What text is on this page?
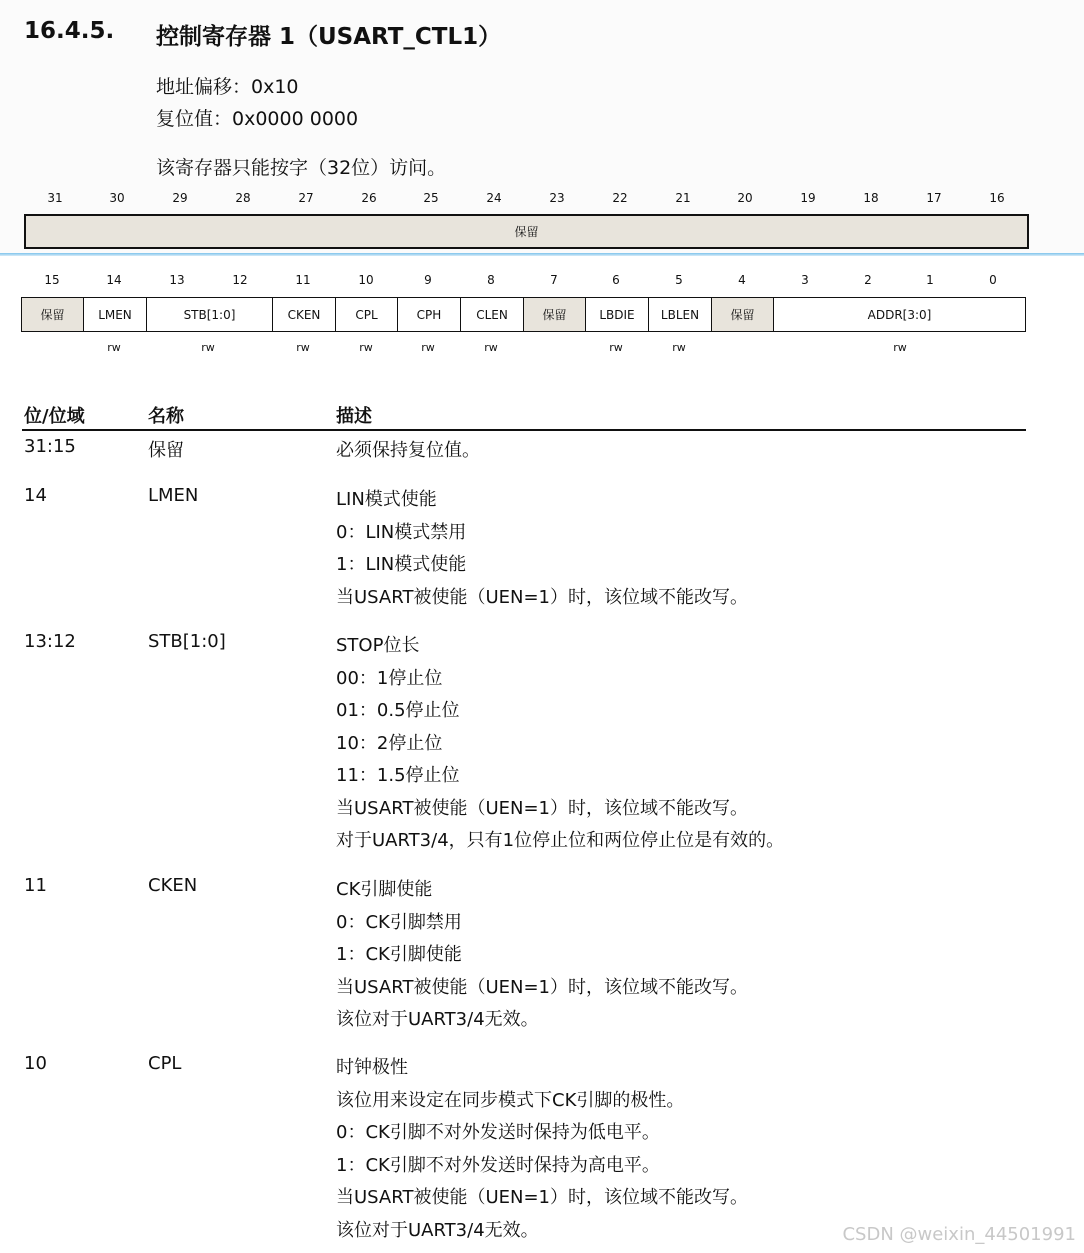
16.4.5. 控制寄存器 1（USART_CTL1）
地址偏移：0x10
复位值：0x0000 0000
该寄存器只能按字（32位）访问。
31	30	29	28	27	26	25	24	23	22	21	20	19	18	17	16
保留
15	14	13	12	11	10	9	8	7	6	5	4	3	2	1	0
保留	LMEN	STB[1:0]	CKEN	CPL	CPH	CLEN	保留	LBDIE	LBLEN	保留	ADDR[3:0]
rw	rw	rw	rw	rw	rw	rw	rw	rw
位/位域	名称	描述
31:15	保留	必须保持复位值。
14	LMEN	LIN模式使能
0：LIN模式禁用
1：LIN模式使能
当USART被使能（UEN=1）时，该位域不能改写。
13:12	STB[1:0]	STOP位长
00：1停止位
01：0.5停止位
10：2停止位
11：1.5停止位
当USART被使能（UEN=1）时，该位域不能改写。
对于UART3/4，只有1位停止位和两位停止位是有效的。
11	CKEN	CK引脚使能
0：CK引脚禁用
1：CK引脚使能
当USART被使能（UEN=1）时，该位域不能改写。
该位对于UART3/4无效。
10	CPL	时钟极性
该位用来设定在同步模式下CK引脚的极性。
0：CK引脚不对外发送时保持为低电平。
1：CK引脚不对外发送时保持为高电平。
当USART被使能（UEN=1）时，该位域不能改写。
该位对于UART3/4无效。	CSDN @weixin_44501991
